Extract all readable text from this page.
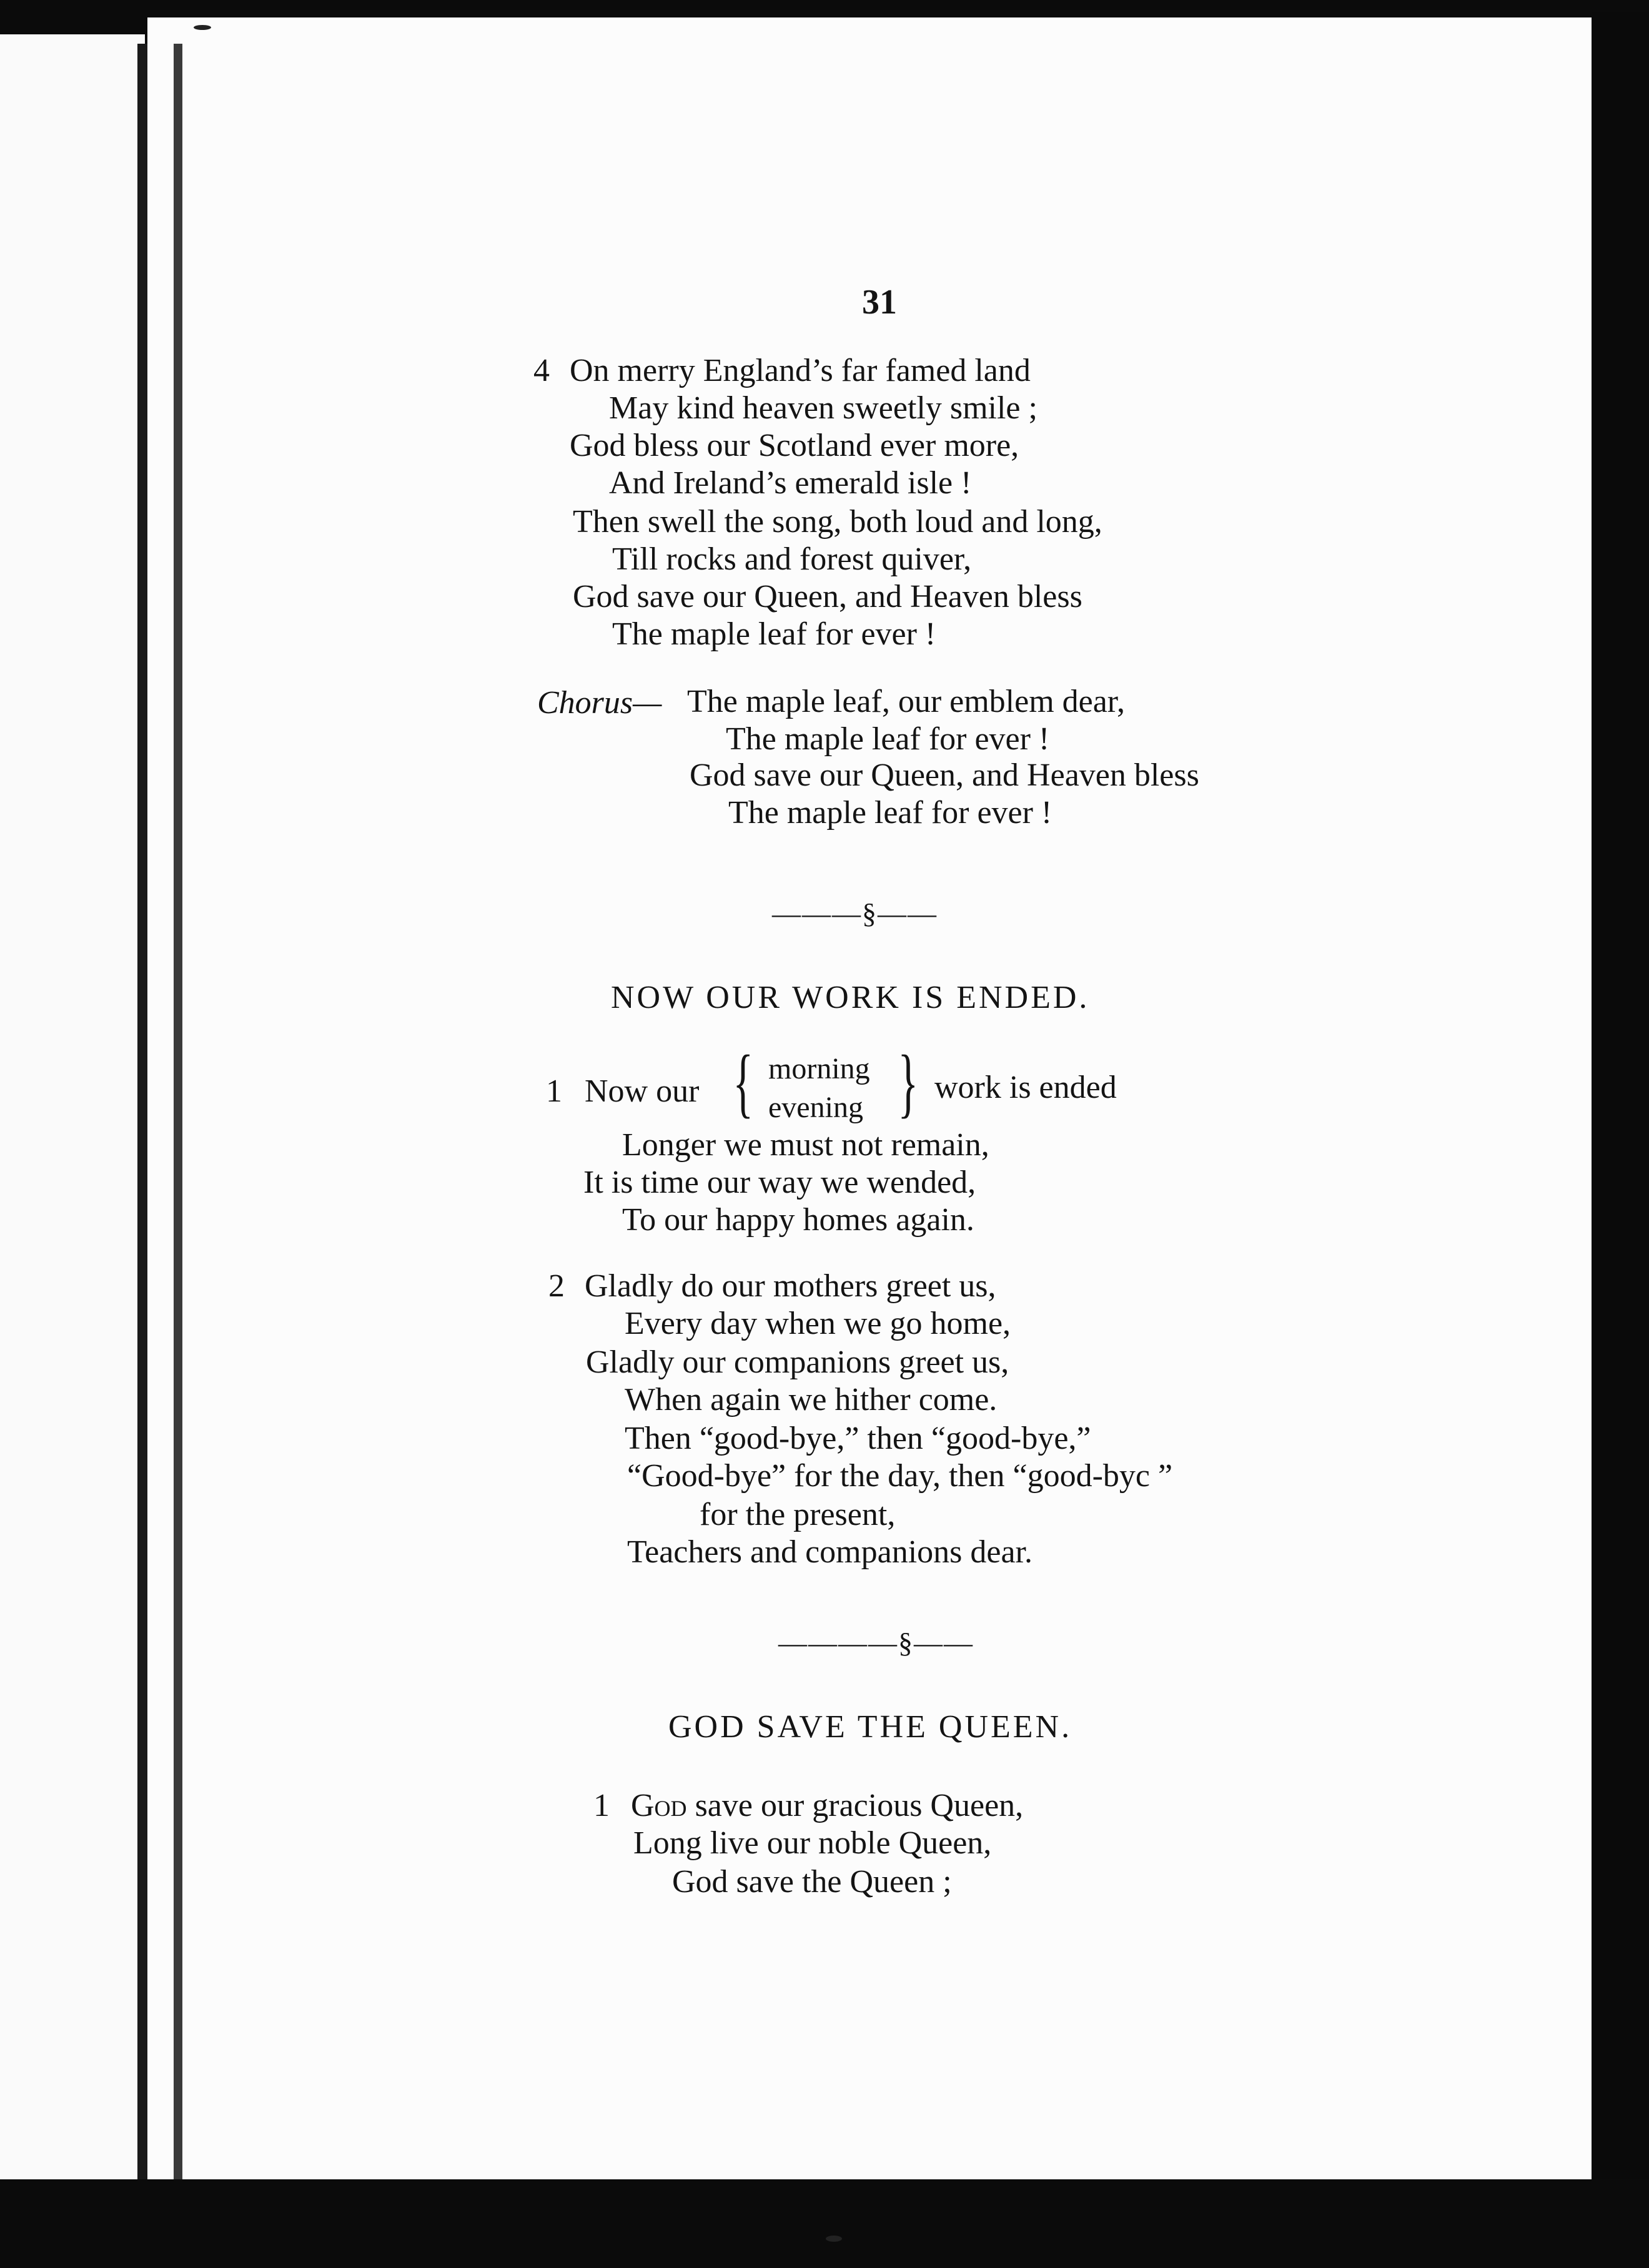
31
4 On merry England’s far famed land
May kind heaven sweetly smile ;
God bless our Scotland ever more,
And Ireland’s emerald isle !
Then swell the song, both loud and long,
Till rocks and forest quiver,
God save our Queen, and Heaven bless
The maple leaf for ever !
Chorus— The maple leaf, our emblem dear,
The maple leaf for ever !
God save our Queen, and Heaven bless
The maple leaf for ever !
———§——
NOW OUR WORK IS ENDED.
1 Now our { morning
evening } work is ended
Longer we must not remain,
It is time our way we wended,
To our happy homes again.
2 Gladly do our mothers greet us,
Every day when we go home,
Gladly our companions greet us,
When again we hither come.
Then “good-bye,” then “good-bye,”
“Good-bye” for the day, then “good-byc ”
for the present,
Teachers and companions dear.
————§——
GOD SAVE THE QUEEN.
1 God save our gracious Queen,
Long live our noble Queen,
God save the Queen ;
